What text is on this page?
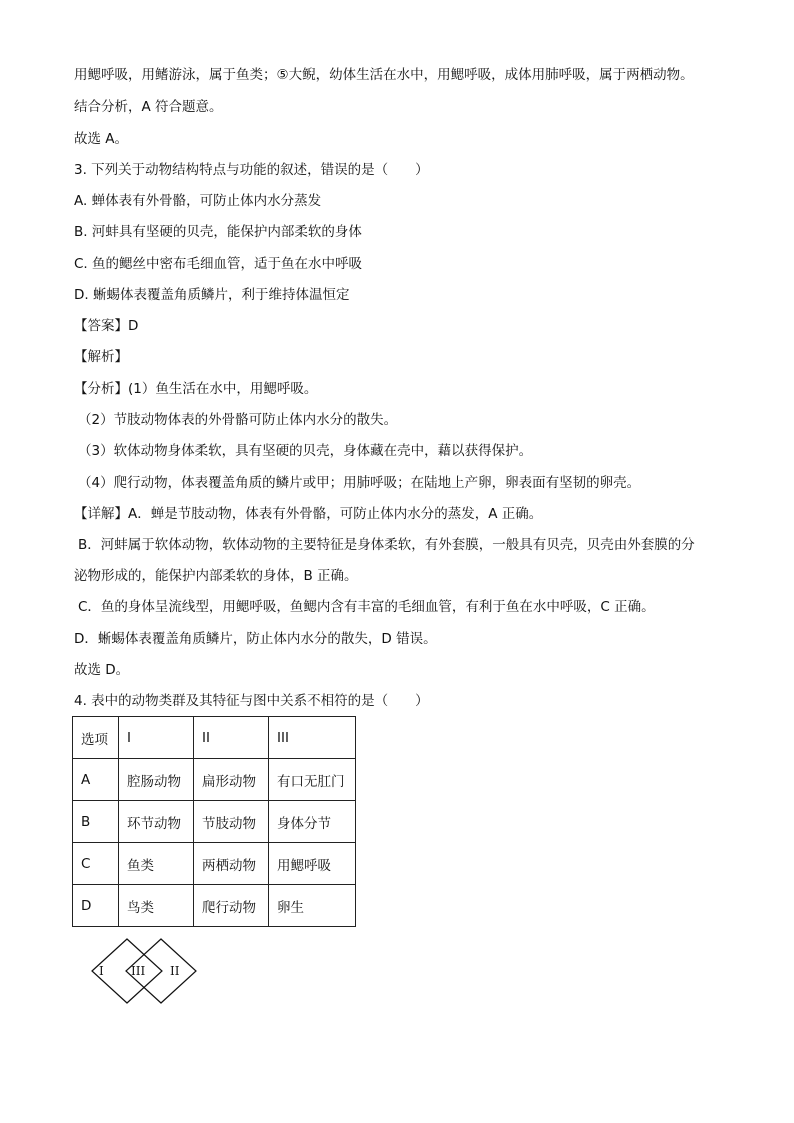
用鳃呼吸，用鳍游泳，属于鱼类；⑤大鲵，幼体生活在水中，用鳃呼吸，成体用肺呼吸，属于两栖动物。
结合分析，A 符合题意。
故选 A。
3. 下列关于动物结构特点与功能的叙述，错误的是（　　）
A. 蝉体表有外骨骼，可防止体内水分蒸发
B. 河蚌具有坚硬的贝壳，能保护内部柔软的身体
C. 鱼的鳃丝中密布毛细血管，适于鱼在水中呼吸
D. 蜥蜴体表覆盖角质鳞片，利于维持体温恒定
【答案】D
【解析】
【分析】(1）鱼生活在水中，用鳃呼吸。
（2）节肢动物体表的外骨骼可防止体内水分的散失。
（3）软体动物身体柔软，具有坚硬的贝壳，身体藏在壳中，藉以获得保护。
（4）爬行动物，体表覆盖角质的鳞片或甲；用肺呼吸；在陆地上产卵，卵表面有坚韧的卵壳。
【详解】A．蝉是节肢动物，体表有外骨骼，可防止体内水分的蒸发，A 正确。
B．河蚌属于软体动物，软体动物的主要特征是身体柔软，有外套膜，一般具有贝壳，贝壳由外套膜的分
泌物形成的，能保护内部柔软的身体，B 正确。
C．鱼的身体呈流线型，用鳃呼吸，鱼鳃内含有丰富的毛细血管，有利于鱼在水中呼吸，C 正确。
D．蜥蜴体表覆盖角质鳞片，防止体内水分的散失，D 错误。
故选 D。
4. 表中的动物类群及其特征与图中关系不相符的是（　　）
选项	I	II	III
A	腔肠动物	扁形动物	有口无肛门
B	环节动物	节肢动物	身体分节
C	鱼类	两栖动物	用鳃呼吸
D	鸟类	爬行动物	卵生
I III II
